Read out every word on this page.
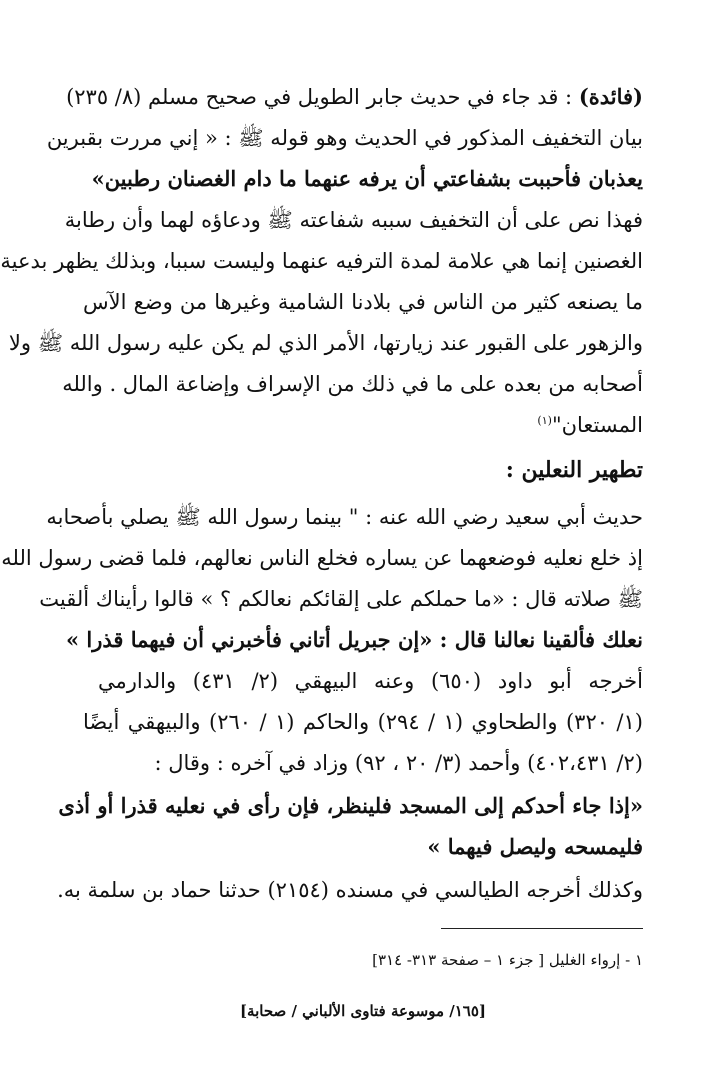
(فائدة) : قد جاء في حديث جابر الطويل في صحيح مسلم (٨/ ٢٣٥)
بيان التخفيف المذكور في الحديث وهو قوله ﷺ : « إني مررت بقبرين
يعذبان فأحببت بشفاعتي أن يرفه عنهما ما دام الغصنان رطبين»
فهذا نص على أن التخفيف سببه شفاعته ﷺ ودعاؤه لهما وأن رطابة
الغصنين إنما هي علامة لمدة الترفيه عنهما وليست سببا، وبذلك يظهر بدعية
ما يصنعه كثير من الناس في بلادنا الشامية وغيرها من وضع الآس
والزهور على القبور عند زيارتها، الأمر الذي لم يكن عليه رسول الله ﷺ ولا
أصحابه من بعده على ما في ذلك من الإسراف وإضاعة المال . والله
المستعان"$^{(١)}$
تطهير النعلين :
حديث أبي سعيد رضي الله عنه : " بينما رسول الله ﷺ يصلي بأصحابه
إذ خلع نعليه فوضعهما عن يساره فخلع الناس نعالهم، فلما قضى رسول الله
ﷺ صلاته قال : «ما حملكم على إلقائكم نعالكم ؟ » قالوا رأيناك ألقيت
نعلك فألقينا نعالنا قال : «إن جبريل أتاني فأخبرني أن فيهما قذرا »
أخرجه أبو داود (٦٥٠) وعنه البيهقي (٢/ ٤٣١) والدارمي
(١/ ٣٢٠) والطحاوي (١ / ٢٩٤) والحاكم (١ / ٢٦٠) والبيهقي أيضًا
(٢/ ٤٠٢،٤٣١) وأحمد (٣/ ٢٠ ، ٩٢) وزاد في آخره : وقال :
«إذا جاء أحدكم إلى المسجد فلينظر، فإن رأى في نعليه قذرا أو أذى
فليمسحه وليصل فيهما »
وكذلك أخرجه الطيالسي في مسنده (٢١٥٤) حدثنا حماد بن سلمة به.
١ - إرواء الغليل [ جزء ١ – صفحة ٣١٣- ٣١٤]
[١٦٥/ موسوعة فتاوى الألباني / صحابة]
